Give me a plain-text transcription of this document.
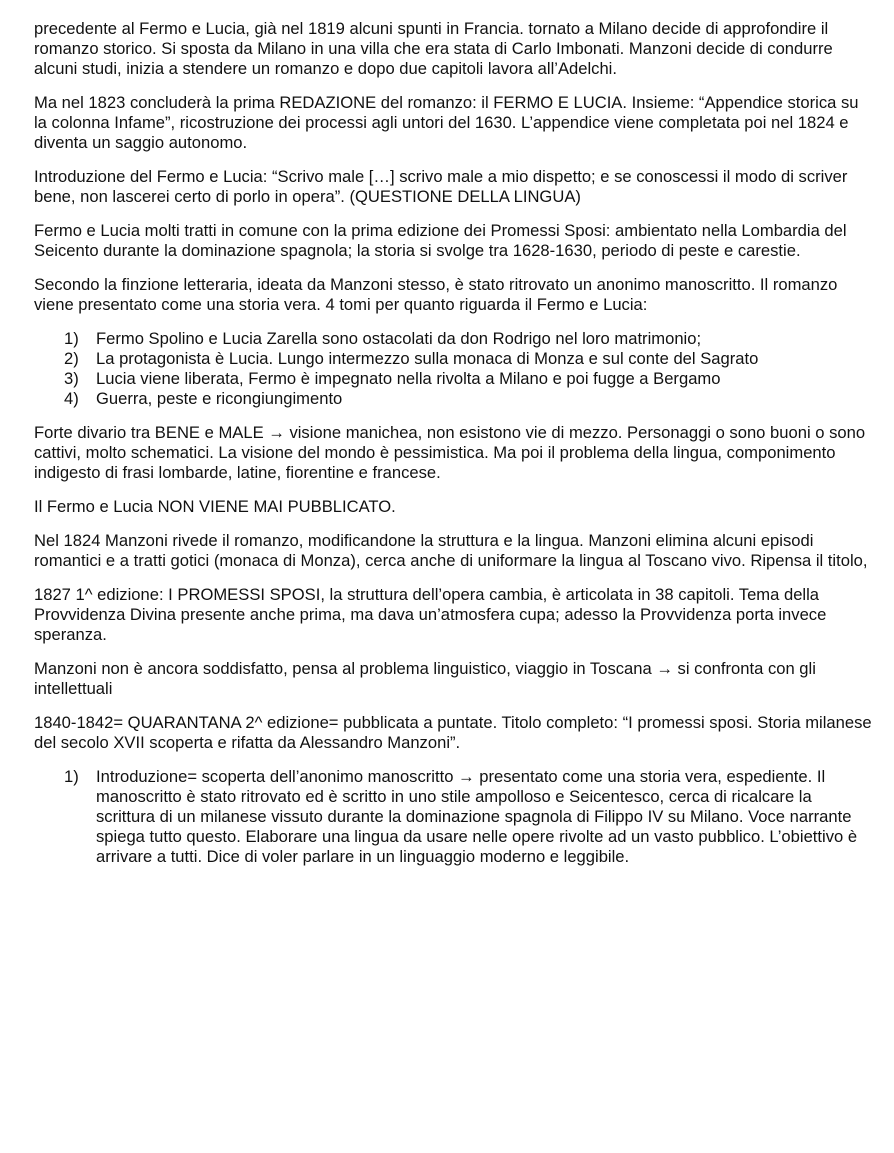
precedente al Fermo e Lucia, già nel 1819 alcuni spunti in Francia. tornato a Milano decide di approfondire il romanzo storico. Si sposta da Milano in una villa che era stata di Carlo Imbonati. Manzoni decide di condurre alcuni studi, inizia a stendere un romanzo e dopo due capitoli lavora all’Adelchi.

Ma nel 1823 concluderà la prima REDAZIONE del romanzo: il FERMO E LUCIA. Insieme: “Appendice storica su la colonna Infame”, ricostruzione dei processi agli untori del 1630. L’appendice viene completata poi nel 1824 e diventa un saggio autonomo.

Introduzione del Fermo e Lucia: “Scrivo male […] scrivo male a mio dispetto; e se conoscessi il modo di scriver bene, non lascerei certo di porlo in opera”. (QUESTIONE DELLA LINGUA)

Fermo e Lucia molti tratti in comune con la prima edizione dei Promessi Sposi: ambientato nella Lombardia del Seicento durante la dominazione spagnola; la storia si svolge tra 1628-1630, periodo di peste e carestie.

Secondo la finzione letteraria, ideata da Manzoni stesso, è stato ritrovato un anonimo manoscritto. Il romanzo viene presentato come una storia vera. 4 tomi per quanto riguarda il Fermo e Lucia:

1) Fermo Spolino e Lucia Zarella sono ostacolati da don Rodrigo nel loro matrimonio;
2) La protagonista è Lucia. Lungo intermezzo sulla monaca di Monza e sul conte del Sagrato
3) Lucia viene liberata, Fermo è impegnato nella rivolta a Milano e poi fugge a Bergamo
4) Guerra, peste e ricongiungimento

Forte divario tra BENE e MALE → visione manichea, non esistono vie di mezzo. Personaggi o sono buoni o sono cattivi, molto schematici. La visione del mondo è pessimistica. Ma poi il problema della lingua, componimento indigesto di frasi lombarde, latine, fiorentine e francese.

Il Fermo e Lucia NON VIENE MAI PUBBLICATO.

Nel 1824 Manzoni rivede il romanzo, modificandone la struttura e la lingua. Manzoni elimina alcuni episodi romantici e a tratti gotici (monaca di Monza), cerca anche di uniformare la lingua al Toscano vivo. Ripensa il titolo,

1827 1^ edizione: I PROMESSI SPOSI, la struttura dell’opera cambia, è articolata in 38 capitoli. Tema della Provvidenza Divina presente anche prima, ma dava un’atmosfera cupa; adesso la Provvidenza porta invece speranza.

Manzoni non è ancora soddisfatto, pensa al problema linguistico, viaggio in Toscana → si confronta con gli intellettuali

1840-1842= QUARANTANA 2^ edizione= pubblicata a puntate. Titolo completo: “I promessi sposi. Storia milanese del secolo XVII scoperta e rifatta da Alessandro Manzoni”.

1) Introduzione= scoperta dell’anonimo manoscritto → presentato come una storia vera, espediente. Il manoscritto è stato ritrovato ed è scritto in uno stile ampolloso e Seicentesco, cerca di ricalcare la scrittura di un milanese vissuto durante la dominazione spagnola di Filippo IV su Milano. Voce narrante spiega tutto questo. Elaborare una lingua da usare nelle opere rivolte ad un vasto pubblico. L’obiettivo è arrivare a tutti. Dice di voler parlare in un linguaggio moderno e leggibile.
